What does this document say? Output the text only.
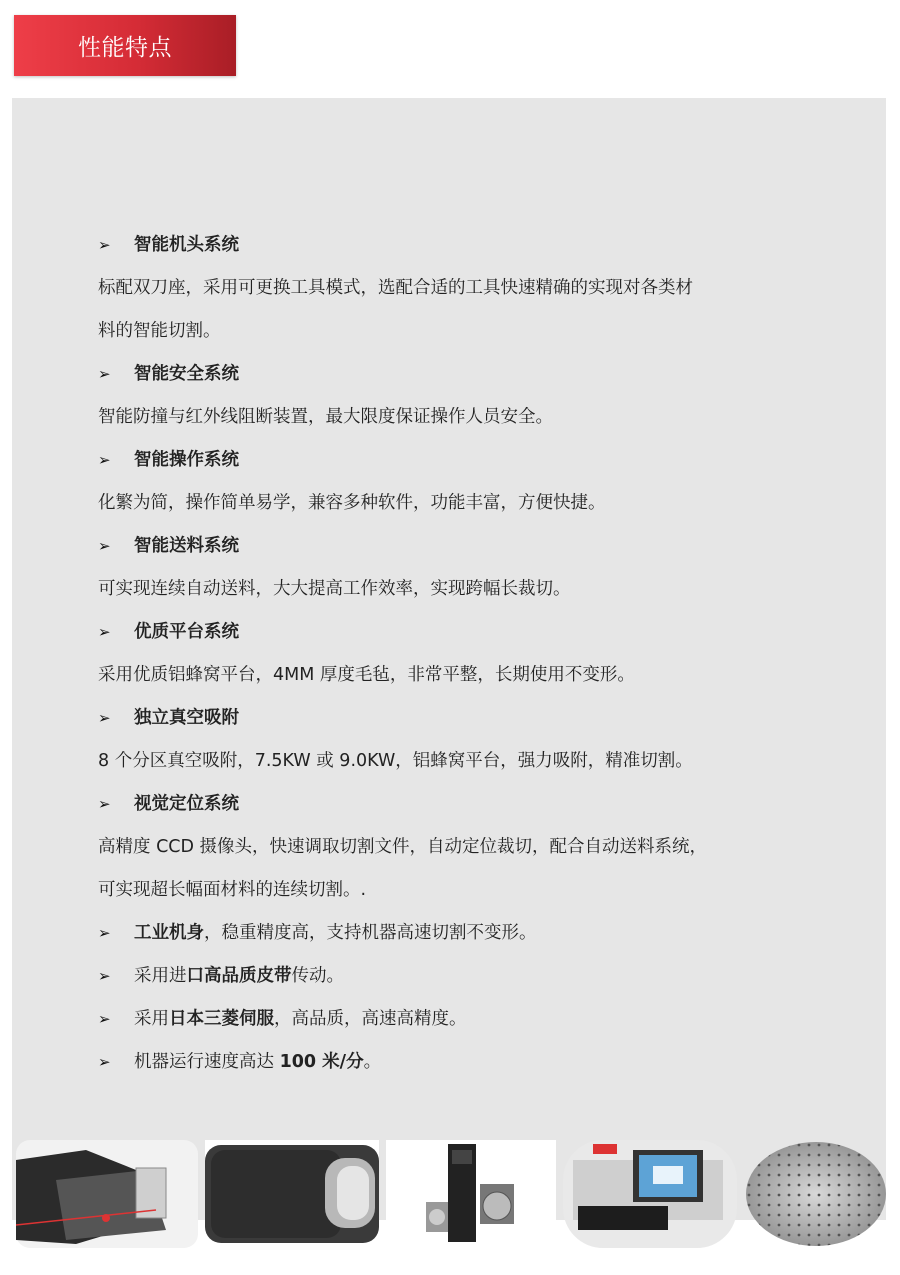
性能特点

➢	智能机头系统

标配双刀座，采用可更换工具模式，选配合适的工具快速精确的实现对各类材

料的智能切割。

➢	智能安全系统

智能防撞与红外线阻断装置，最大限度保证操作人员安全。

➢	智能操作系统

化繁为简，操作简单易学，兼容多种软件，功能丰富，方便快捷。

➢	智能送料系统

可实现连续自动送料，大大提高工作效率，实现跨幅长裁切。

➢	优质平台系统

采用优质铝蜂窝平台，4MM 厚度毛毡，非常平整，长期使用不变形。

➢	独立真空吸附

8 个分区真空吸附，7.5KW 或 9.0KW，铝蜂窝平台，强力吸附，精准切割。

➢	视觉定位系统

高精度 CCD 摄像头，快速调取切割文件，自动定位裁切，配合自动送料系统，

可实现超长幅面材料的连续切割。.

➢ 工业机身，稳重精度高，支持机器高速切割不变形。

➢ 采用进口高品质皮带传动。

➢ 采用日本三菱伺服，高品质，高速高精度。

➢ 机器运行速度高达 100 米/分。
